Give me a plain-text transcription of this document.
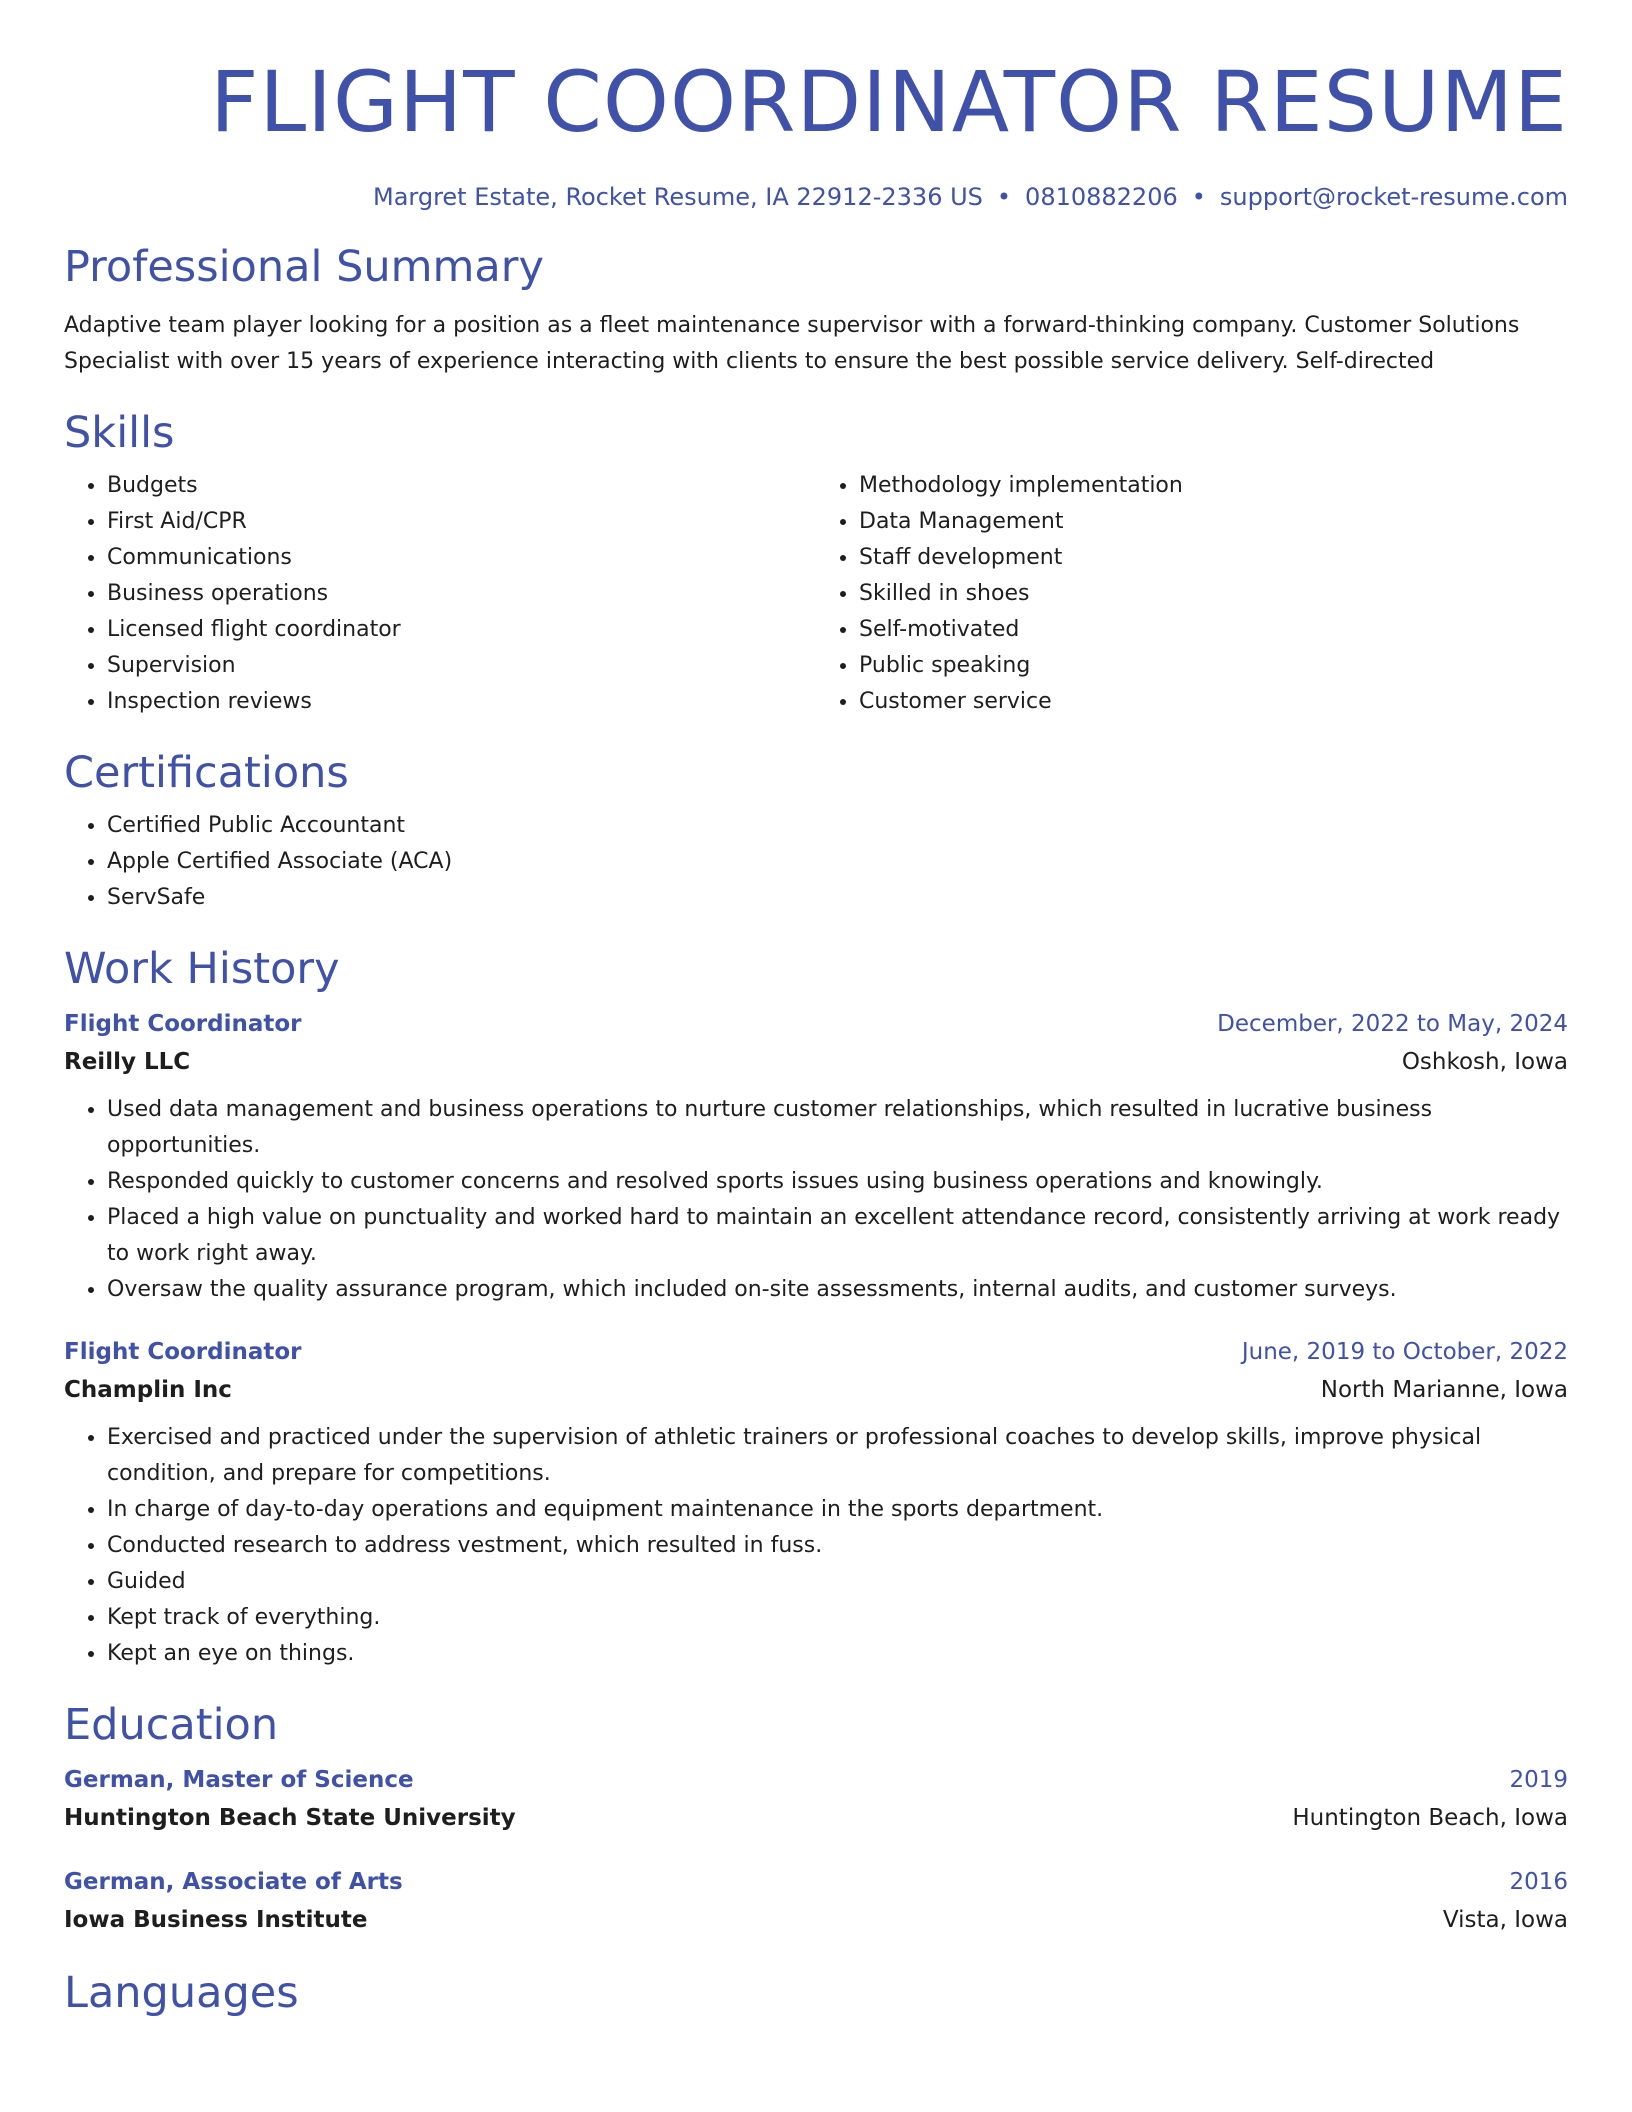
FLIGHT COORDINATOR RESUME
Margret Estate, Rocket Resume, IA 22912-2336 US • 0810882206 • support@rocket-resume.com
Professional Summary

Adaptive team player looking for a position as a fleet maintenance supervisor with a forward-thinking company. Customer Solutions Specialist with over 15 years of experience interacting with clients to ensure the best possible service delivery. Self-directed

Skills
• Budgets
• First Aid/CPR
• Communications
• Business operations
• Licensed flight coordinator
• Supervision
• Inspection reviews
• Methodology implementation
• Data Management
• Staff development
• Skilled in shoes
• Self-motivated
• Public speaking
• Customer service
Certifications
• Certified Public Accountant
• Apple Certified Associate (ACA)
• ServSafe
Work History
Flight Coordinator	December, 2022 to May, 2024
Reilly LLC	Oshkosh, Iowa
• Used data management and business operations to nurture customer relationships, which resulted in lucrative business opportunities.
• Responded quickly to customer concerns and resolved sports issues using business operations and knowingly.
• Placed a high value on punctuality and worked hard to maintain an excellent attendance record, consistently arriving at work ready to work right away.
• Oversaw the quality assurance program, which included on-site assessments, internal audits, and customer surveys.
Flight Coordinator	June, 2019 to October, 2022
Champlin Inc	North Marianne, Iowa
• Exercised and practiced under the supervision of athletic trainers or professional coaches to develop skills, improve physical condition, and prepare for competitions.
• In charge of day-to-day operations and equipment maintenance in the sports department.
• Conducted research to address vestment, which resulted in fuss.
• Guided
• Kept track of everything.
• Kept an eye on things.
Education
German, Master of Science	2019
Huntington Beach State University	Huntington Beach, Iowa
German, Associate of Arts	2016
Iowa Business Institute	Vista, Iowa
Languages
